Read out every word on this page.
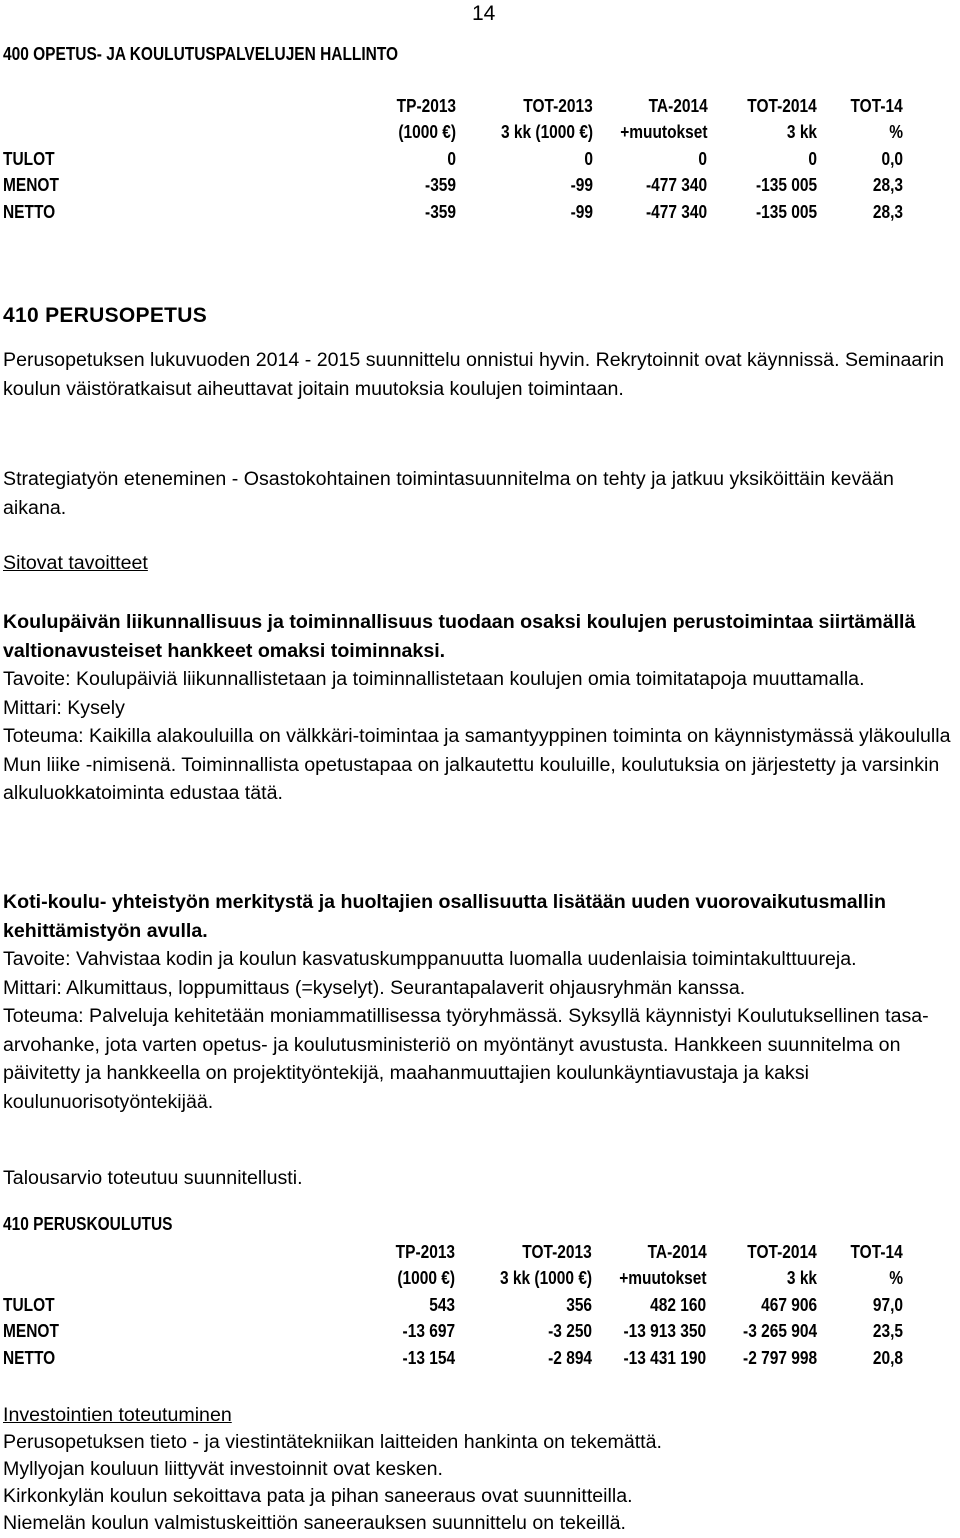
14
400 OPETUS- JA KOULUTUSPALVELUJEN HALLINTO
	TP-2013	TOT-2013	TA-2014	TOT-2014	TOT-14
	(1000 €)	3 kk (1000 €)	+muutokset	3 kk	%
TULOT	0	0	0	0	0,0
MENOT	-359	-99	-477 340	-135 005	28,3
NETTO	-359	-99	-477 340	-135 005	28,3
410 PERUSOPETUS

Perusopetuksen lukuvuoden 2014 - 2015 suunnittelu onnistui hyvin. Rekrytoinnit ovat käynnissä. Seminaarin koulun väistöratkaisut aiheuttavat joitain muutoksia koulujen toimintaan.

Strategiatyön eteneminen - Osastokohtainen toimintasuunnitelma on tehty ja jatkuu yksiköittäin kevään aikana.

Sitovat tavoitteet

Koulupäivän liikunnallisuus ja toiminnallisuus tuodaan osaksi koulujen perustoimintaa siirtämällä valtionavusteiset hankkeet omaksi toiminnaksi.

Tavoite: Koulupäiviä liikunnallistetaan ja toiminnallistetaan koulujen omia toimitatapoja muuttamalla.

Mittari: Kysely

Toteuma: Kaikilla alakouluilla on välkkäri-toimintaa ja samantyyppinen toiminta on käynnistymässä yläkoululla Mun liike -nimisenä. Toiminnallista opetustapaa on jalkautettu kouluille, koulutuksia on järjestetty ja varsinkin alkuluokkatoiminta edustaa tätä.

Koti-koulu- yhteistyön merkitystä ja huoltajien osallisuutta lisätään uuden vuorovaikutusmallin kehittämistyön avulla.

Tavoite: Vahvistaa kodin ja koulun kasvatuskumppanuutta luomalla uudenlaisia toimintakulttuureja.

Mittari: Alkumittaus, loppumittaus (=kyselyt). Seurantapalaverit ohjausryhmän kanssa.

Toteuma: Palveluja kehitetään moniammatillisessa työryhmässä. Syksyllä käynnistyi Koulutuksellinen tasa-arvohanke, jota varten opetus- ja koulutusministeriö on myöntänyt avustusta. Hankkeen suunnitelma on päivitetty ja hankkeella on projektityöntekijä, maahanmuuttajien koulunkäyntiavustaja ja kaksi koulunuorisotyöntekijää.

Talousarvio toteutuu suunnitellusti.

410 PERUSKOULUTUS
	TP-2013	TOT-2013	TA-2014	TOT-2014	TOT-14
	(1000 €)	3 kk (1000 €)	+muutokset	3 kk	%
TULOT	543	356	482 160	467 906	97,0
MENOT	-13 697	-3 250	-13 913 350	-3 265 904	23,5
NETTO	-13 154	-2 894	-13 431 190	-2 797 998	20,8

Investointien toteutuminen

Perusopetuksen tieto - ja viestintätekniikan laitteiden hankinta on tekemättä.

Myllyojan kouluun liittyvät investoinnit ovat kesken.

Kirkonkylän koulun sekoittava pata ja pihan saneeraus ovat suunnitteilla.

Niemelän koulun valmistuskeittiön saneerauksen suunnittelu on tekeillä.
